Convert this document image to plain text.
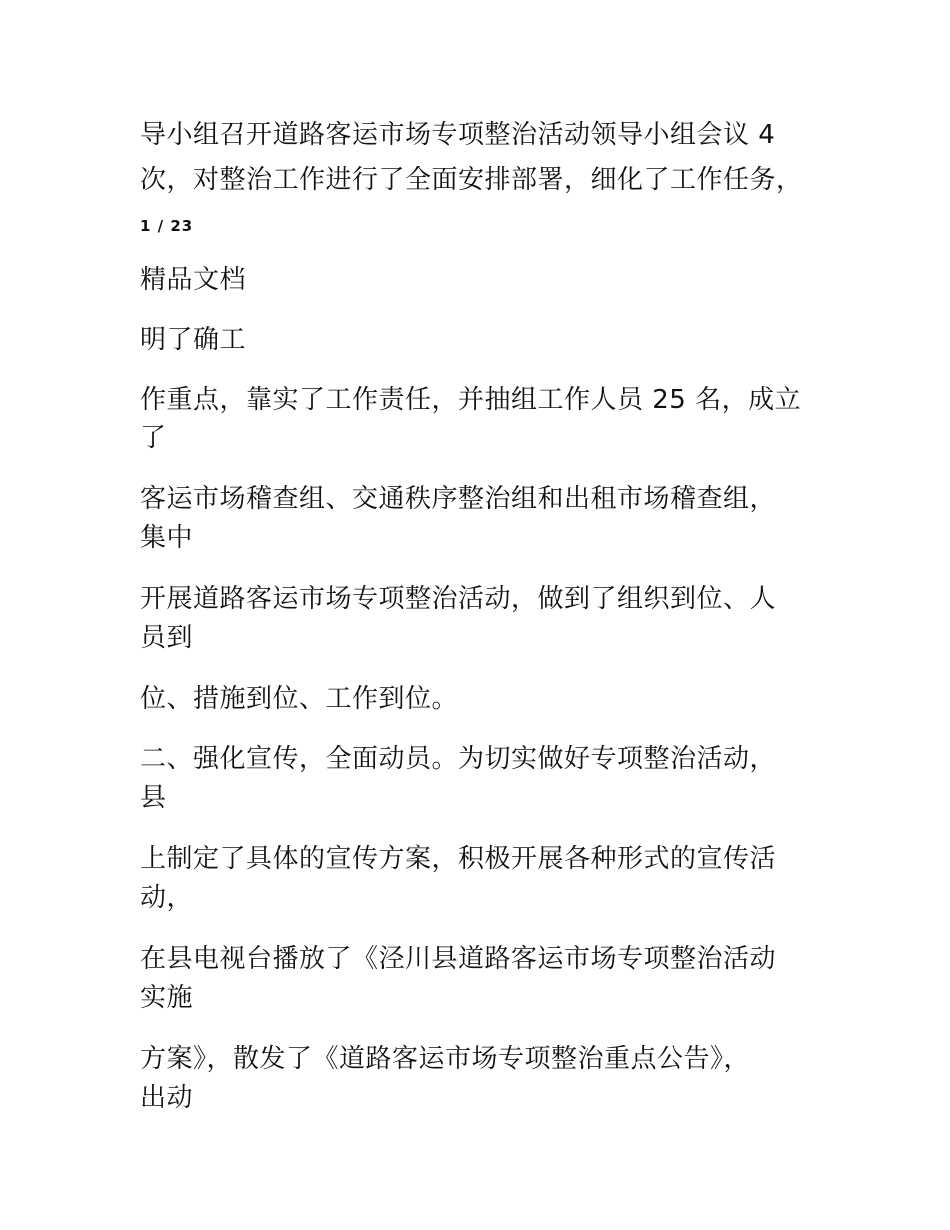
导小组召开道路客运市场专项整治活动领导小组会议 4
次，对整治工作进行了全面安排部署，细化了工作任务，
1 / 23
精品文档
明了确工
作重点，靠实了工作责任，并抽组工作人员 25 名，成立
了
客运市场稽查组、交通秩序整治组和出租市场稽查组，
集中
开展道路客运市场专项整治活动，做到了组织到位、人
员到
位、措施到位、工作到位。
二、强化宣传，全面动员。为切实做好专项整治活动，
县
上制定了具体的宣传方案，积极开展各种形式的宣传活
动，
在县电视台播放了《泾川县道路客运市场专项整治活动
实施
方案》，散发了《道路客运市场专项整治重点公告》，
出动
